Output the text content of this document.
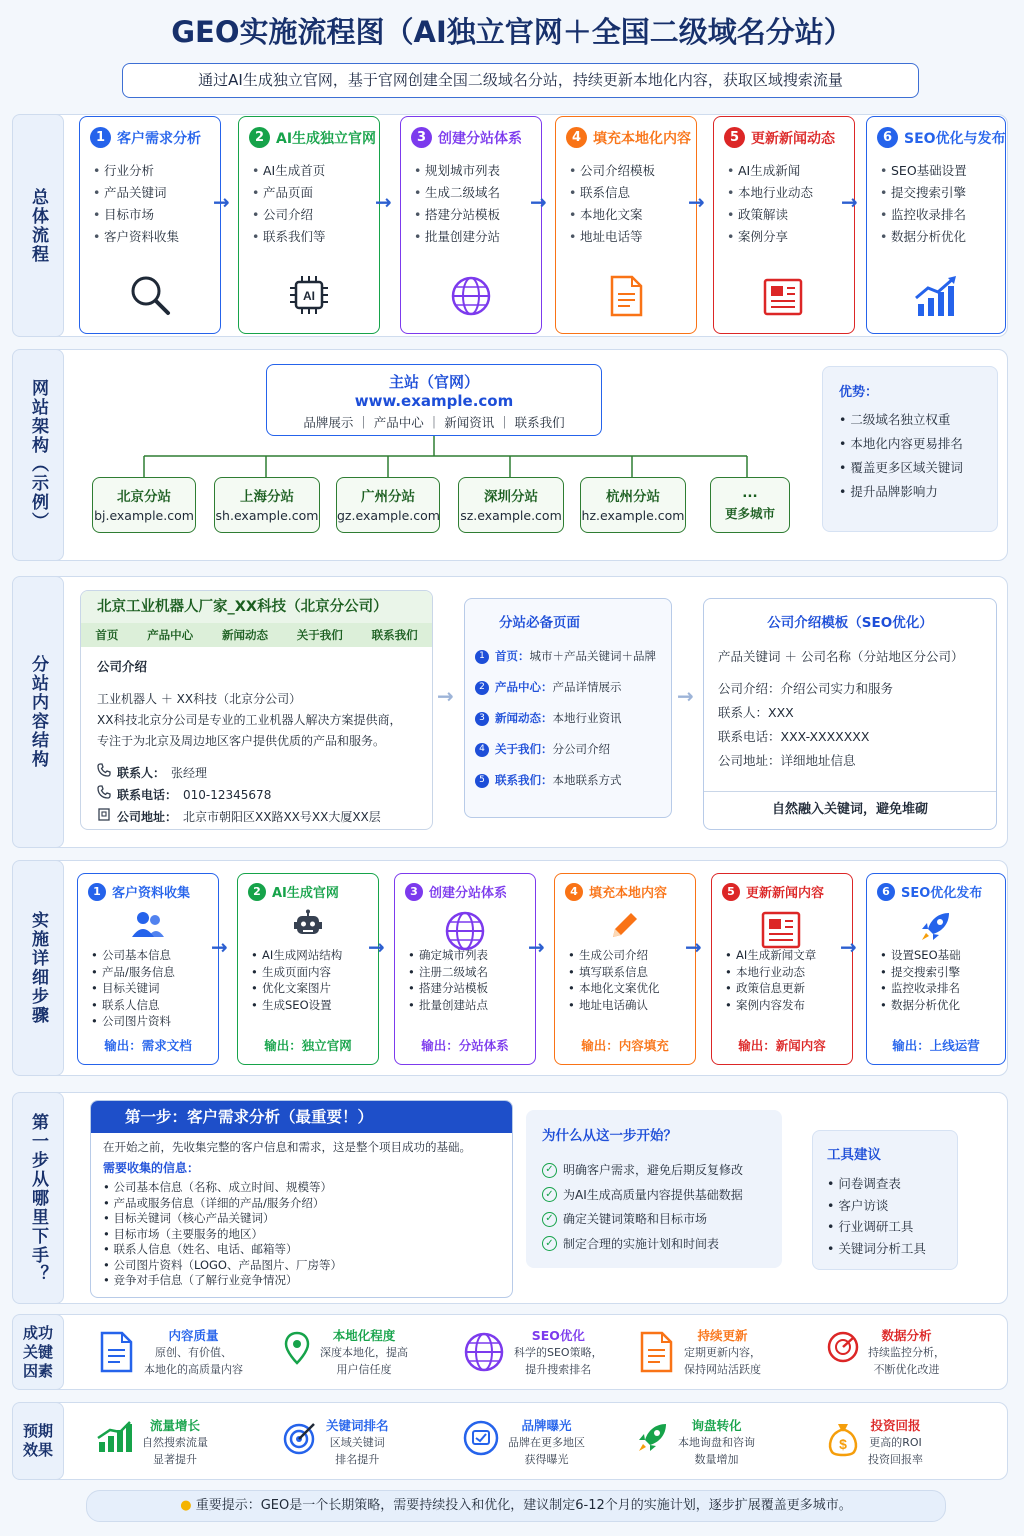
GEO实施流程图（AI独立官网＋全国二级域名分站）
通过AI生成独立官网，基于官网创建全国二级域名分站，持续更新本地化内容，获取区域搜索流量
总体流程
1 客户需求分析
• 行业分析
• 产品关键词
• 目标市场
• 客户资料收集
→
2 AI生成独立官网
• AI生成首页
• 产品页面
• 公司介绍
• 联系我们等
AI
→
3 创建分站体系
• 规划城市列表
• 生成二级域名
• 搭建分站模板
• 批量创建分站
→
4 填充本地化内容
• 公司介绍模板
• 联系信息
• 本地化文案
• 地址电话等
→
5 更新新闻动态
• AI生成新闻
• 本地行业动态
• 政策解读
• 案例分享
→
6 SEO优化与发布
• SEO基础设置
• 提交搜索引擎
• 监控收录排名
• 数据分析优化
网站架构（示例）	主站（官网）
www.example.com
品牌展示 ｜ 产品中心 ｜ 新闻资讯 ｜ 联系我们
北京分站
bj.example.com
上海分站
sh.example.com
广州分站
gz.example.com
深圳分站
sz.example.com
杭州分站
hz.example.com
...
更多城市
优势：
• 二级域名独立权重
• 本地化内容更易排名
• 覆盖更多区域关键词
• 提升品牌影响力
分站内容结构
北京工业机器人厂家_XX科技（北京分公司）
首页	产品中心	新闻动态	关于我们	联系我们
公司介绍
工业机器人 ＋ XX科技（北京分公司）
XX科技北京分公司是专业的工业机器人解决方案提供商，
专注于为北京及周边地区客户提供优质的产品和服务。
联系人： 张经理
联系电话： 010-12345678
公司地址： 北京市朝阳区XX路XX号XX大厦XX层
→
分站必备页面
1 首页： 城市＋产品关键词＋品牌
2 产品中心： 产品详情展示
3 新闻动态： 本地行业资讯
4 关于我们： 分公司介绍
5 联系我们： 本地联系方式
→
公司介绍模板（SEO优化）
产品关键词 ＋ 公司名称（分站地区分公司）
公司介绍：介绍公司实力和服务
联系人：XXX
联系电话：XXX-XXXXXXX
公司地址：详细地址信息
自然融入关键词，避免堆砌
实施详细步骤
1 客户资料收集
• 公司基本信息
• 产品/服务信息
• 目标关键词
• 联系人信息
• 公司图片资料
输出：需求文档
→
2 AI生成官网
• AI生成网站结构
• 生成页面内容
• 优化文案图片
• 生成SEO设置
输出：独立官网
→
3 创建分站体系
• 确定城市列表
• 注册二级域名
• 搭建分站模板
• 批量创建站点
输出：分站体系
→
4 填充本地内容
• 生成公司介绍
• 填写联系信息
• 本地化文案优化
• 地址电话确认
输出：内容填充
→
5 更新新闻内容
• AI生成新闻文章
• 本地行业动态
• 政策信息更新
• 案例内容发布
输出：新闻内容
→
6 SEO优化发布
• 设置SEO基础
• 提交搜索引擎
• 监控收录排名
• 数据分析优化
输出：上线运营
第一步从哪里下手？	第一步：客户需求分析（最重要！）
在开始之前，先收集完整的客户信息和需求，这是整个项目成功的基础。
需要收集的信息：
• 公司基本信息（名称、成立时间、规模等）
• 产品或服务信息（详细的产品/服务介绍）
• 目标关键词（核心产品关键词）
• 目标市场（主要服务的地区）
• 联系人信息（姓名、电话、邮箱等）
• 公司图片资料（LOGO、产品图片、厂房等）
• 竞争对手信息（了解行业竞争情况）
为什么从这一步开始？
✓ 明确客户需求，避免后期反复修改
✓ 为AI生成高质量内容提供基础数据
✓ 确定关键词策略和目标市场
✓ 制定合理的实施计划和时间表
工具建议
• 问卷调查表
• 客户访谈
• 行业调研工具
• 关键词分析工具
成功关键因素
内容质量
原创、有价值、
本地化的高质量内容
本地化程度
深度本地化，提高
用户信任度
SEO优化
科学的SEO策略，
提升搜索排名
持续更新
定期更新内容，
保持网站活跃度
数据分析
持续监控分析，
不断优化改进
预期效果
流量增长
自然搜索流量
显著提升
关键词排名
区域关键词
排名提升
品牌曝光
品牌在更多地区
获得曝光
询盘转化
本地询盘和咨询
数量增加
$
投资回报
更高的ROI
投资回报率
● 重要提示：GEO是一个长期策略，需要持续投入和优化，建议制定6-12个月的实施计划，逐步扩展覆盖更多城市。
